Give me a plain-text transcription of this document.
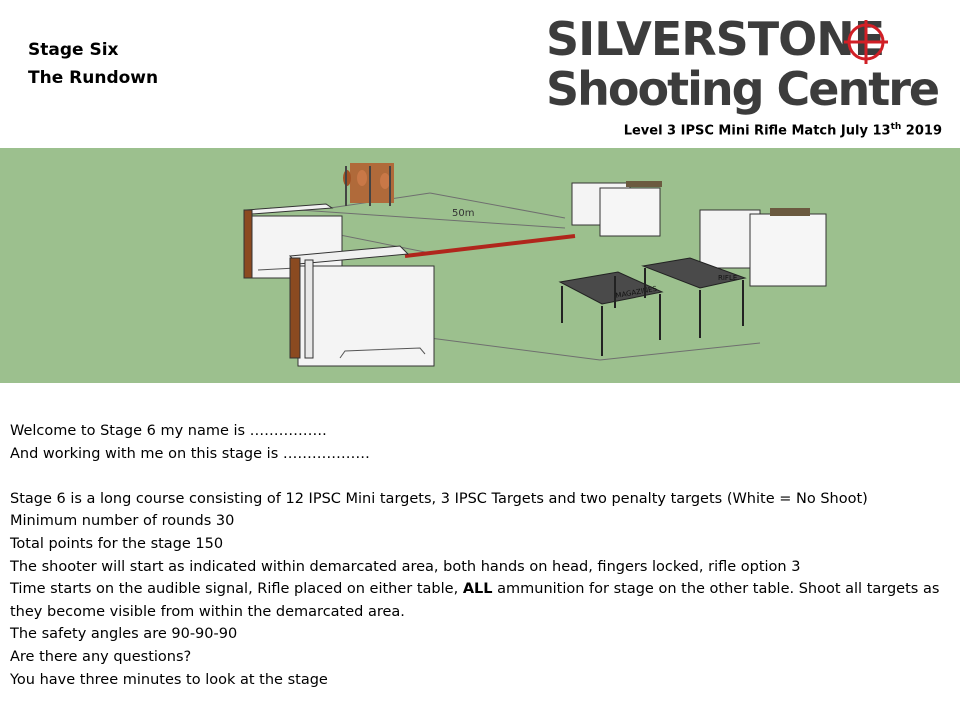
Stage Six
The Rundown
SILVERSTONE
Shooting Centre
Level 3 IPSC Mini Rifle Match July 13th 2019
50m
MAGAZINES
RIFLE
Welcome to Stage 6 my name is …………….
And working with me on this stage is ………………
Stage 6 is a long course consisting of 12 IPSC Mini targets, 3 IPSC Targets and two penalty targets (White = No Shoot)
Minimum number of rounds 30
Total points for the stage 150
The shooter will start as indicated within demarcated area, both hands on head, fingers locked, rifle option 3
Time starts on the audible signal, Rifle placed on either table, ALL ammunition for stage on the other table. Shoot all targets as they become visible from within the demarcated area.
The safety angles are 90-90-90
Are there any questions?
You have three minutes to look at the stage
